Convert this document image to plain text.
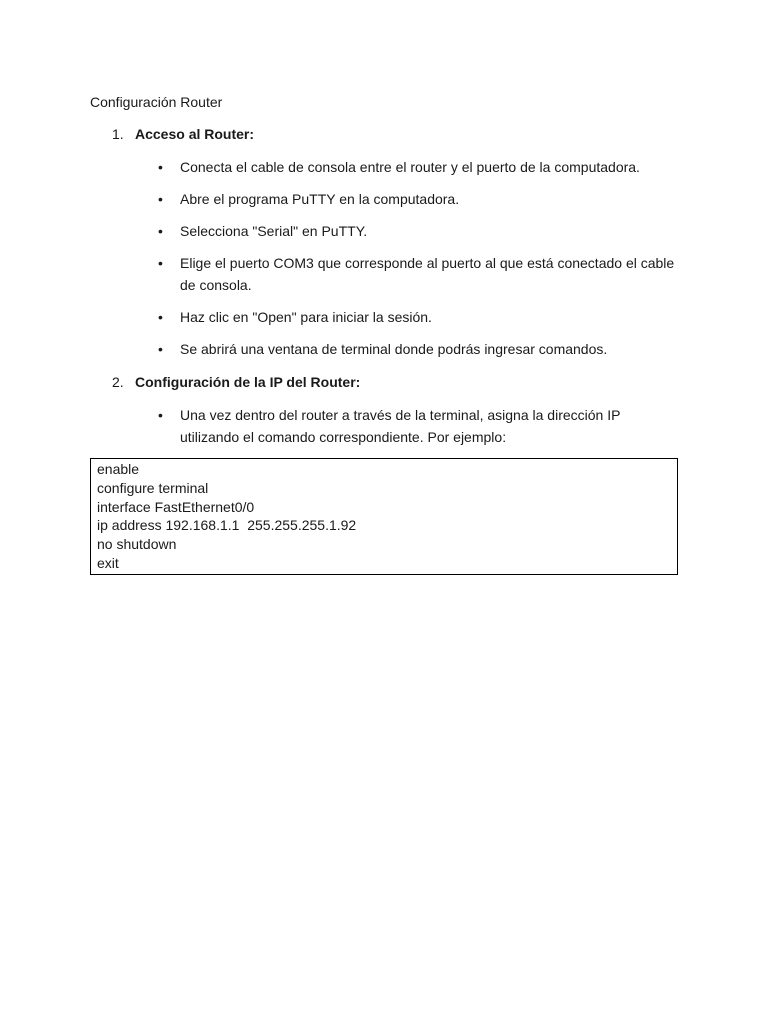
Configuración Router
1. Acceso al Router:
• Conecta el cable de consola entre el router y el puerto de la computadora.
• Abre el programa PuTTY en la computadora.
• Selecciona "Serial" en PuTTY.
• Elige el puerto COM3 que corresponde al puerto al que está conectado el cable de consola.
• Haz clic en "Open" para iniciar la sesión.
• Se abrirá una ventana de terminal donde podrás ingresar comandos.
2. Configuración de la IP del Router:
• Una vez dentro del router a través de la terminal, asigna la dirección IP utilizando el comando correspondiente. Por ejemplo:
enable
configure terminal
interface FastEthernet0/0
ip address 192.168.1.1  255.255.255.1.92
no shutdown
exit
